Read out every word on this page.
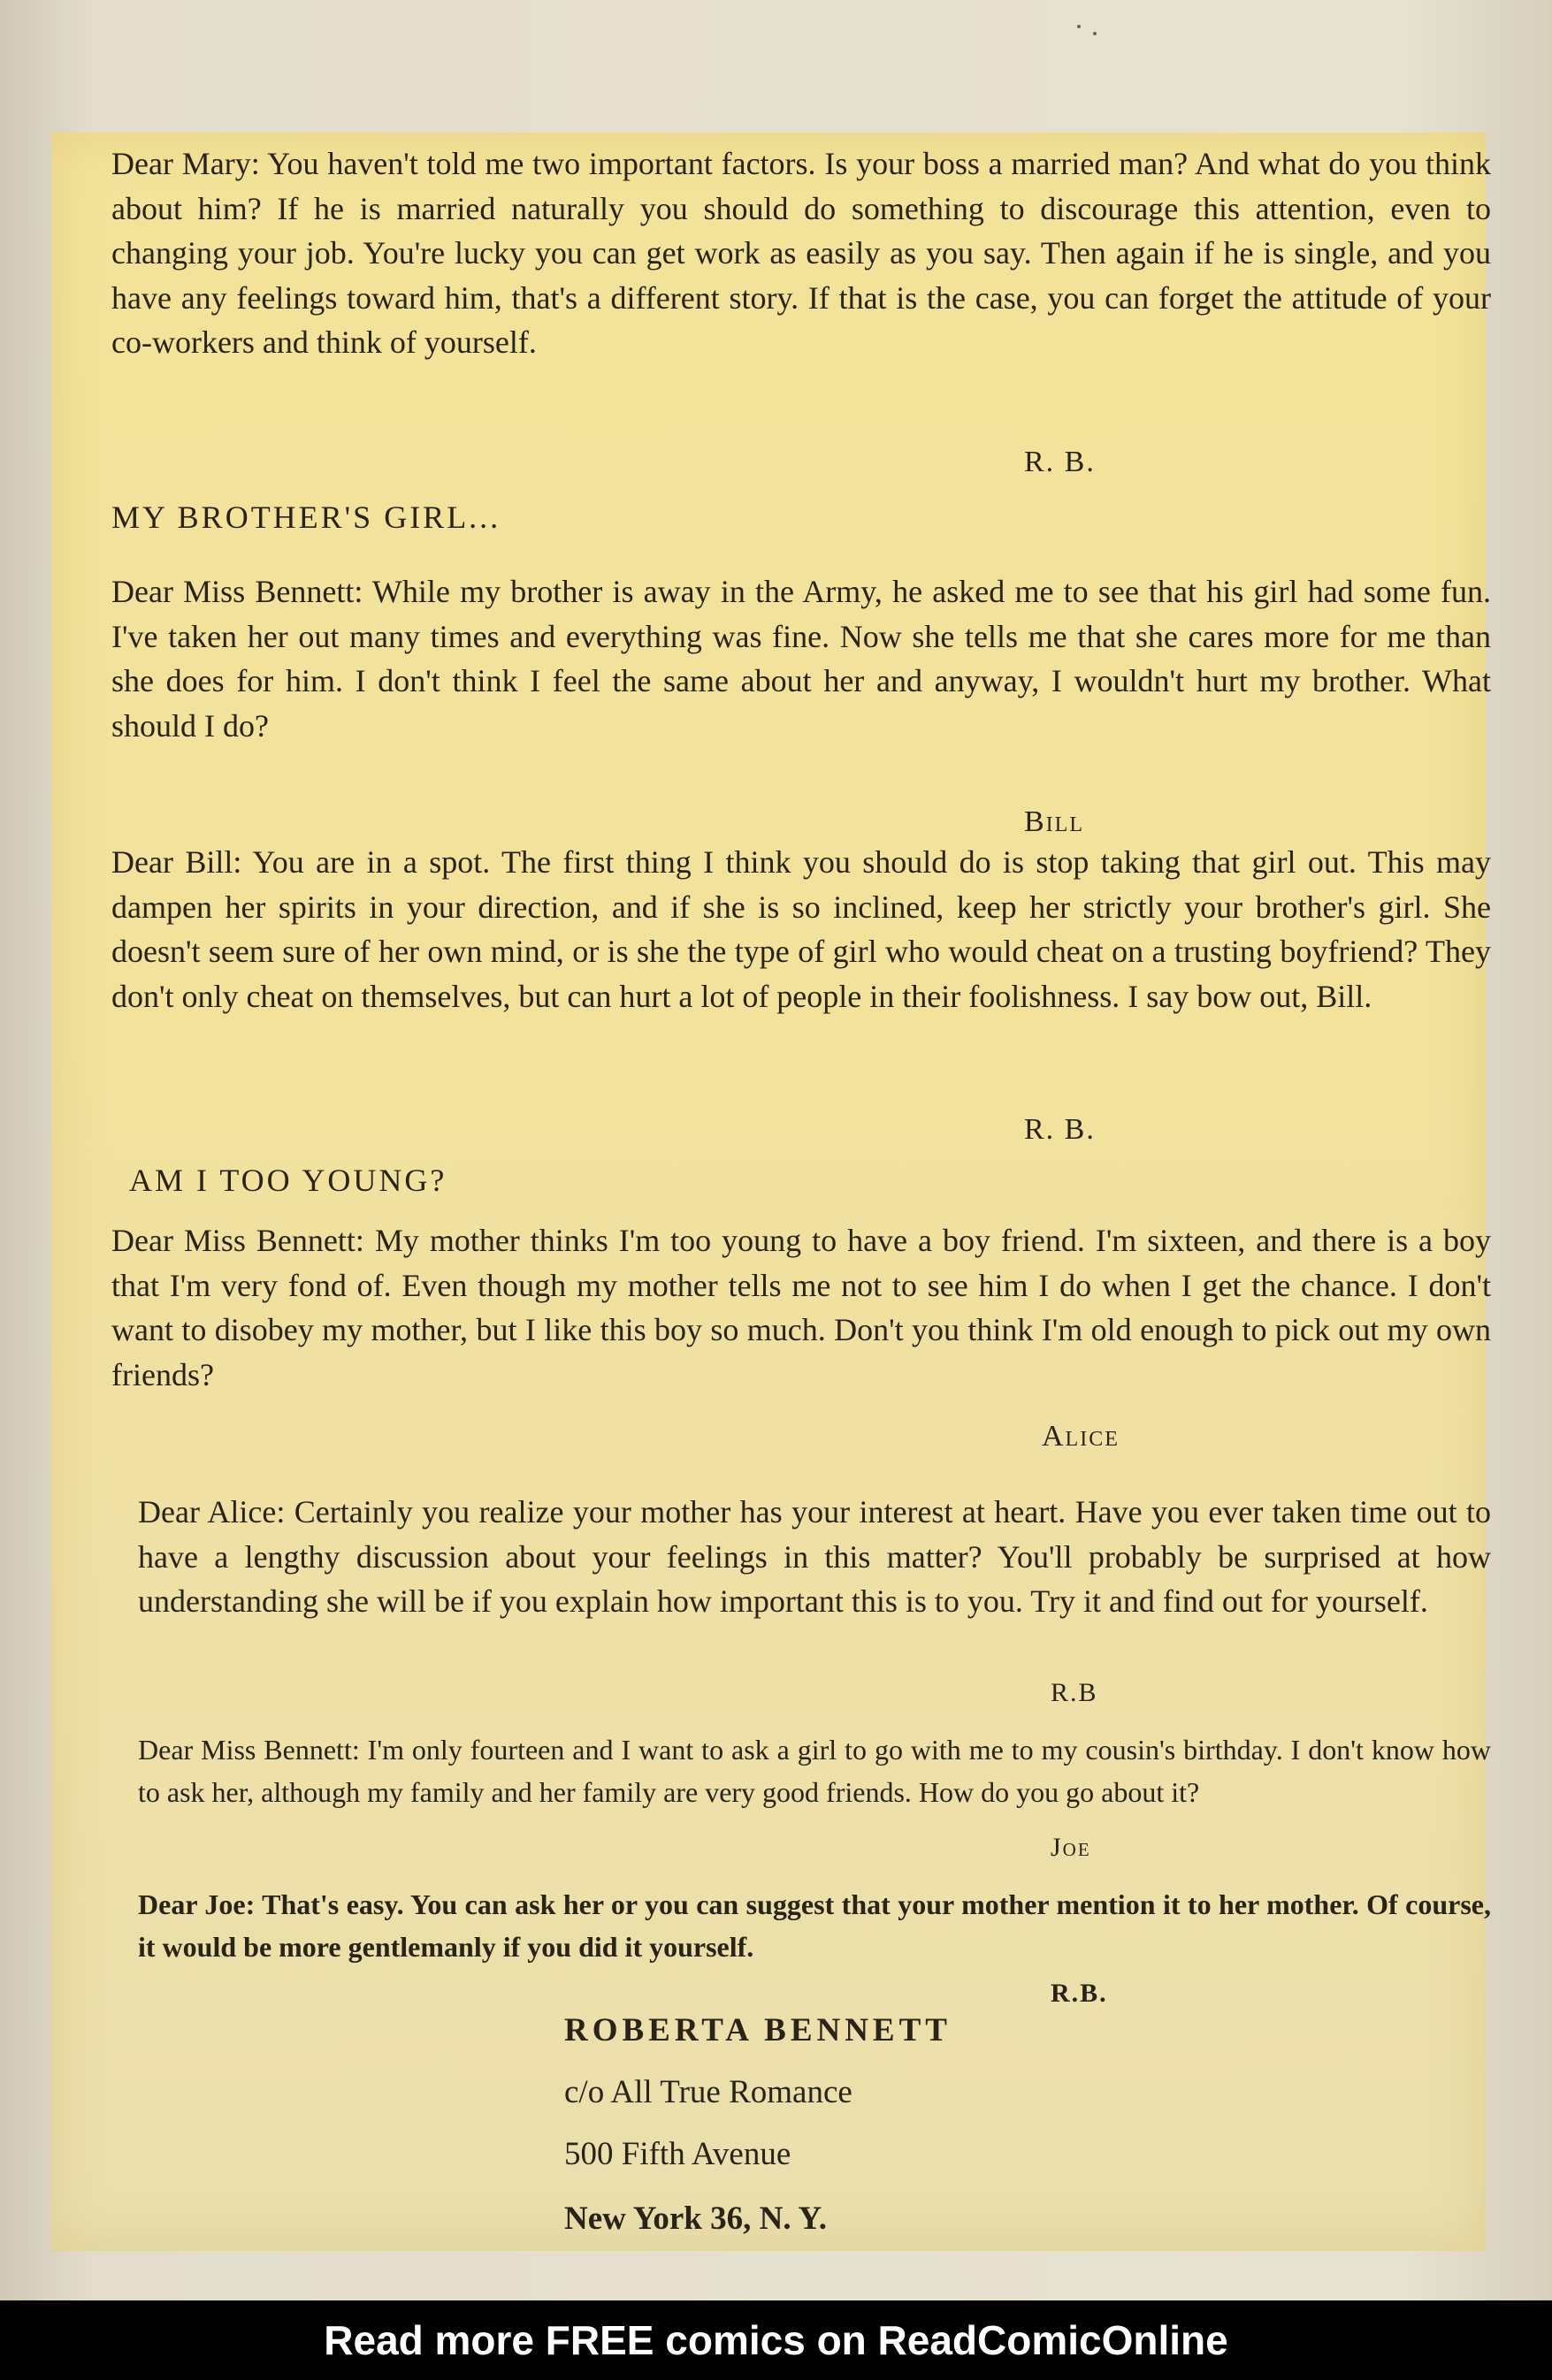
Dear Mary: You haven't told me two important factors. Is your boss a married man? And what do you think about him? If he is married naturally you should do something to discourage this attention, even to changing your job. You're lucky you can get work as easily as you say. Then again if he is single, and you have any feelings toward him, that's a different story. If that is the case, you can forget the attitude of your co-workers and think of yourself.

R. B.
MY BROTHER'S GIRL...

Dear Miss Bennett: While my brother is away in the Army, he asked me to see that his girl had some fun. I've taken her out many times and everything was fine. Now she tells me that she cares more for me than she does for him. I don't think I feel the same about her and anyway, I wouldn't hurt my brother. What should I do?

Bill

Dear Bill: You are in a spot. The first thing I think you should do is stop taking that girl out. This may dampen her spirits in your direction, and if she is so inclined, keep her strictly your brother's girl. She doesn't seem sure of her own mind, or is she the type of girl who would cheat on a trusting boyfriend? They don't only cheat on themselves, but can hurt a lot of people in their foolishness. I say bow out, Bill.

R. B.
AM I TOO YOUNG?

Dear Miss Bennett: My mother thinks I'm too young to have a boy friend. I'm sixteen, and there is a boy that I'm very fond of. Even though my mother tells me not to see him I do when I get the chance. I don't want to disobey my mother, but I like this boy so much. Don't you think I'm old enough to pick out my own friends?

Alice

Dear Alice: Certainly you realize your mother has your interest at heart. Have you ever taken time out to have a lengthy discussion about your feelings in this matter? You'll probably be surprised at how understanding she will be if you explain how important this is to you. Try it and find out for yourself.

R.B

Dear Miss Bennett: I'm only fourteen and I want to ask a girl to go with me to my cousin's birthday. I don't know how to ask her, although my family and her family are very good friends. How do you go about it?

Joe

Dear Joe: That's easy. You can ask her or you can suggest that your mother mention it to her mother. Of course, it would be more gentlemanly if you did it yourself.

R.B.
ROBERTA BENNETT
c/o All True Romance
500 Fifth Avenue
New York 36, N. Y.
Read more FREE comics on ReadComicOnline
